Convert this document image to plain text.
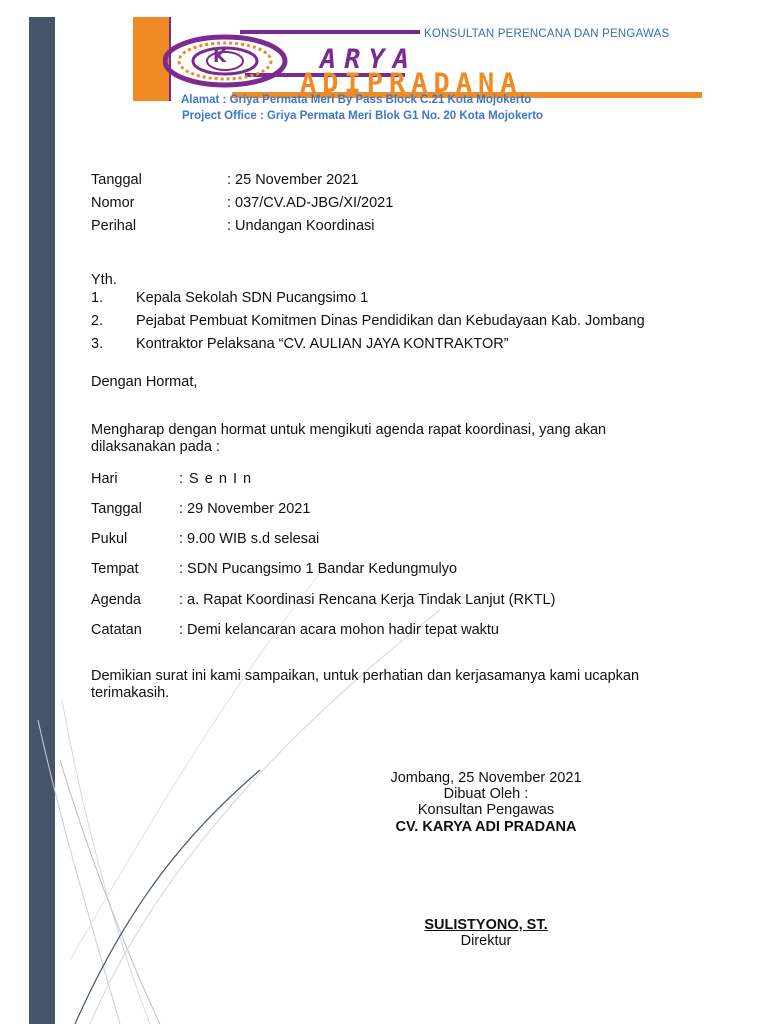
K	ARYA
ADIPRADANA
KONSULTAN PERENCANA DAN PENGAWAS
Alamat : Griya Permata Meri By Pass Block C.21 Kota Mojokerto
Project Office : Griya Permata Meri Blok G1 No. 20 Kota Mojokerto
Tanggal	: 25 November 2021
Nomor	: 037/CV.AD-JBG/XI/2021
Perihal	: Undangan Koordinasi
Yth.
1. Kepala Sekolah SDN Pucangsimo 1
2. Pejabat Pembuat Komitmen Dinas Pendidikan dan Kebudayaan Kab. Jombang
3. Kontraktor Pelaksana “CV. AULIAN JAYA KONTRAKTOR”
Dengan Hormat,
Mengharap dengan hormat untuk mengikuti agenda rapat koordinasi, yang akan dilaksanakan pada :
Hari	: S e n I n
Tanggal	: 29 November 2021
Pukul	: 9.00 WIB s.d selesai
Tempat	: SDN Pucangsimo 1 Bandar Kedungmulyo
Agenda	: a. Rapat Koordinasi Rencana Kerja Tindak Lanjut (RKTL)
Catatan	: Demi kelancaran acara mohon hadir tepat waktu
Demikian surat ini kami sampaikan, untuk perhatian dan kerjasamanya kami ucapkan terimakasih.
Jombang, 25 November 2021
Dibuat Oleh :
Konsultan Pengawas
CV. KARYA ADI PRADANA
SULISTYONO, ST.
Direktur
